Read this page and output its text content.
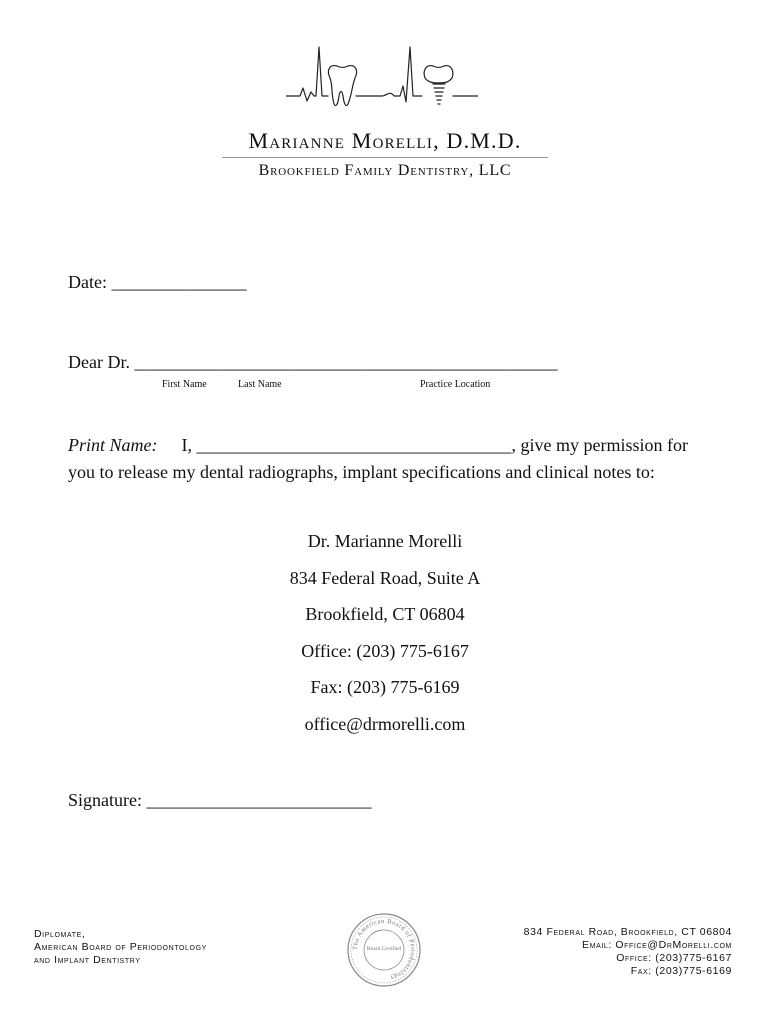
Marianne Morelli, D.M.D.
Brookfield Family Dentistry, LLC
Date: _______________
Dear Dr. _______________________________________________
First Name	Last Name	Practice Location
Print Name: I, ___________________________________, give my permission for you to release my dental radiographs, implant specifications and clinical notes to:
Dr. Marianne Morelli
834 Federal Road, Suite A
Brookfield, CT 06804
Office: (203) 775-6167
Fax: (203) 775-6169
office@drmorelli.com
Signature: _________________________
Diplomate,
American Board of Periodontology
and Implant Dentistry
The American Board of Periodontology
Board Certified
834 Federal Road, Brookfield, CT 06804
Email: Office@DrMorelli.com
Office: (203)775-6167
Fax: (203)775-6169
